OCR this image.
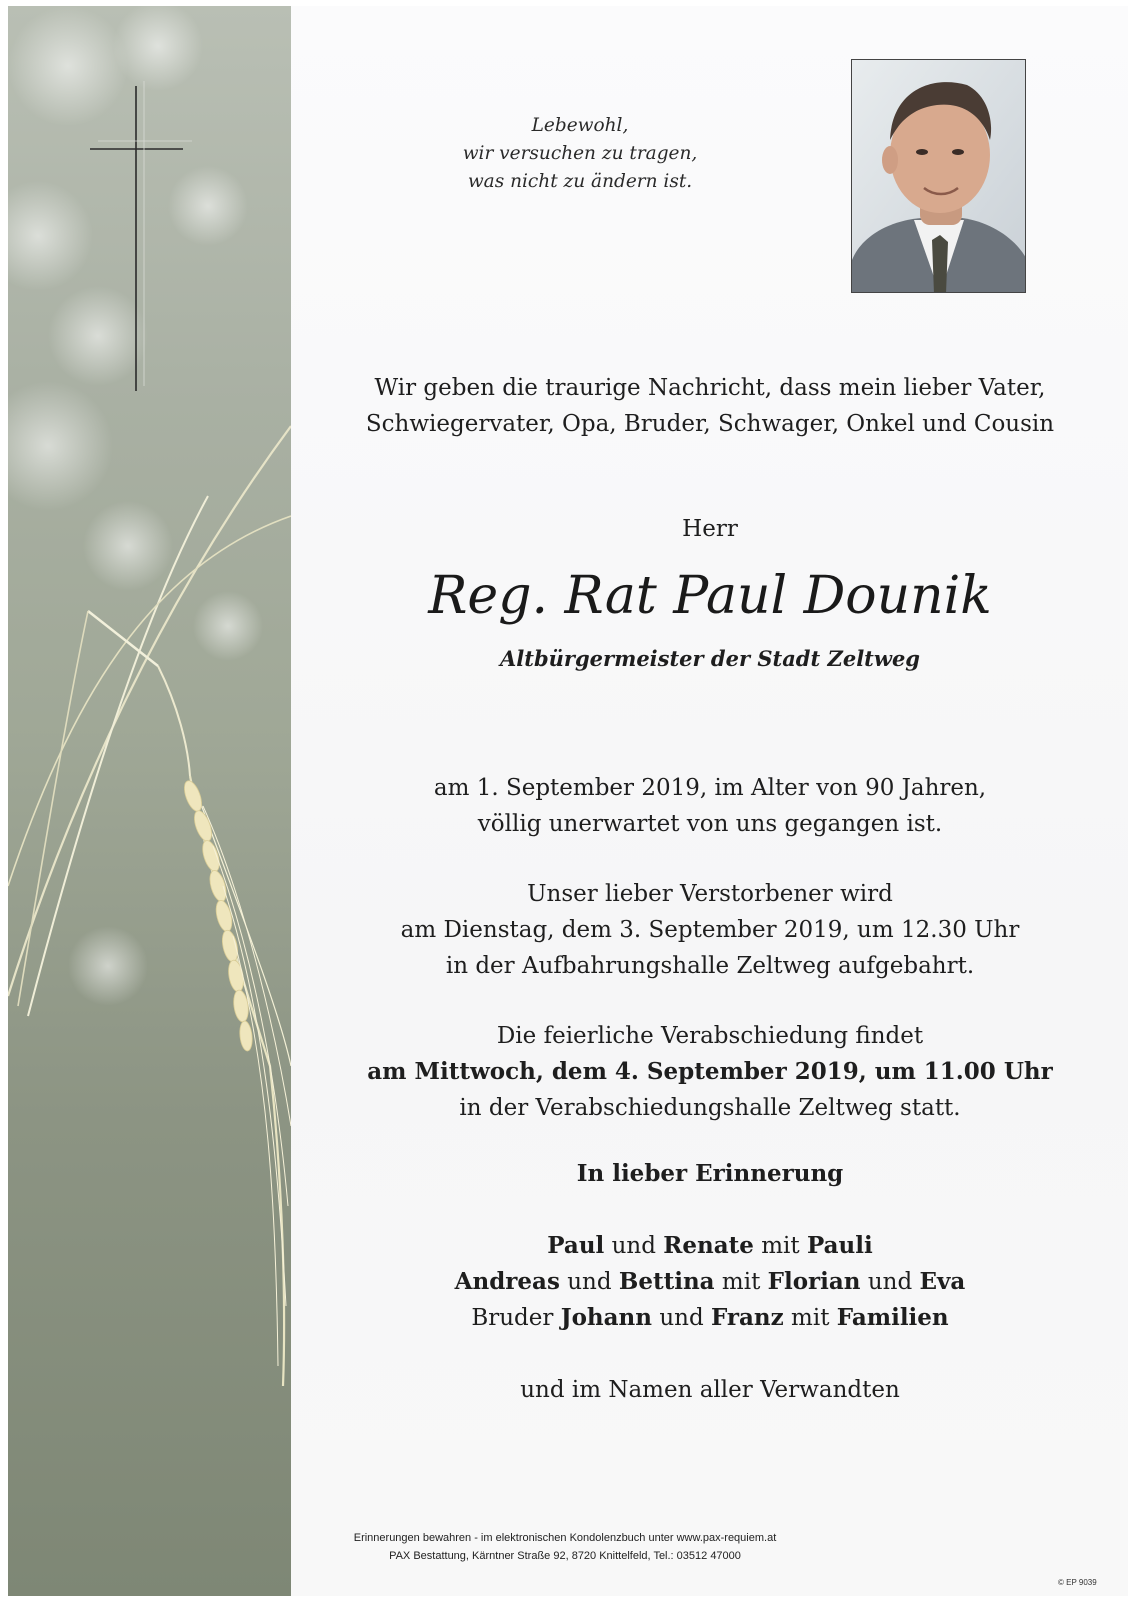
Lebewohl,
wir versuchen zu tragen,
was nicht zu ändern ist.
Wir geben die traurige Nachricht, dass mein lieber Vater,
Schwiegervater, Opa, Bruder, Schwager, Onkel und Cousin
Herr
Reg. Rat Paul Dounik
Altbürgermeister der Stadt Zeltweg

am 1. September 2019, im Alter von 90 Jahren,

völlig unerwartet von uns gegangen ist.

Unser lieber Verstorbener wird

am Dienstag, dem 3. September 2019, um 12.30 Uhr

in der Aufbahrungshalle Zeltweg aufgebahrt.

Die feierliche Verabschiedung findet

am Mittwoch, dem 4. September 2019, um 11.00 Uhr

in der Verabschiedungshalle Zeltweg statt.

In lieber Erinnerung

Paul und Renate mit Pauli

Andreas und Bettina mit Florian und Eva

Bruder Johann und Franz mit Familien

und im Namen aller Verwandten
Erinnerungen bewahren - im elektronischen Kondolenzbuch unter www.pax-requiem.at
PAX Bestattung, Kärntner Straße 92, 8720 Knittelfeld, Tel.: 03512 47000
© EP 9039
